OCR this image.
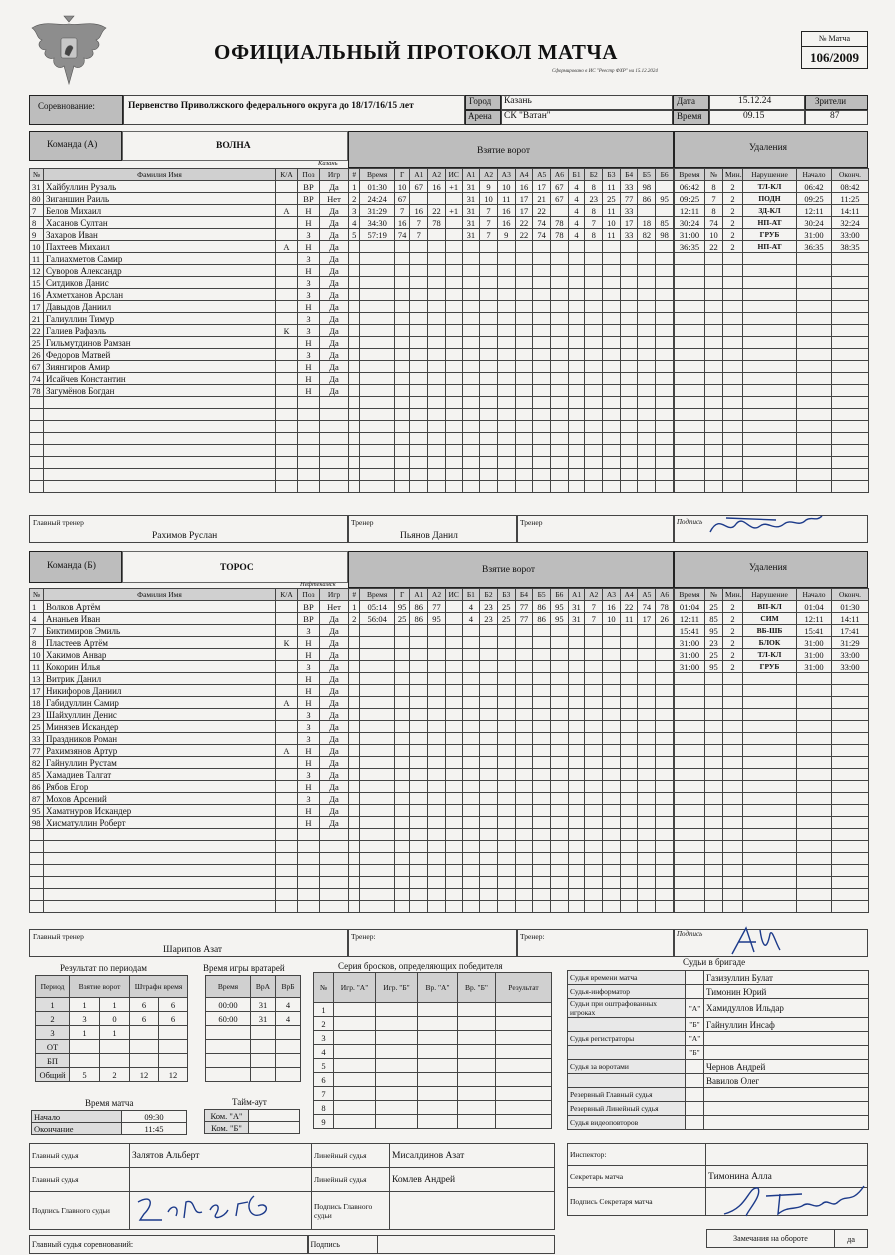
ОФИЦИАЛЬНЫЙ ПРОТОКОЛ МАТЧА
Сформировано в ИС "Реестр ФХР" на 15.12.2024
№ Матча
106/2009
Соревнование:	Первенство Приволжского федерального округа до 18/17/16/15 лет	Город Казань
Арена СК "Ватан"
Дата	15.12.24
Время	09.15
Зрители
87
Команда (А)	ВОЛНА
Казань
Взятие ворот	Удаления
№	Фамилия Имя	К/А	Поз	Игр
31	Хайбуллин Рузаль		ВР	Да
80	Зиганшин Раиль		ВР	Нет
7	Белов Михаил	А	Н	Да
8	Хасанов Султан		Н	Да
9	Захаров Иван		З	Да
10	Пахтеев Михаил	А	Н	Да
11	Галиахметов Самир		З	Да
12	Суворов Александр		Н	Да
15	Ситдиков Данис		З	Да
16	Ахметханов Арслан		З	Да
17	Давыдов Даниил		Н	Да
21	Галиуллин Тимур		З	Да
22	Галиев Рафаэль	К	З	Да
25	Гильмутдинов Рамзан		Н	Да
26	Федоров Матвей		З	Да
67	Зиянгиров Амир		Н	Да
74	Исайчев Константин		Н	Да
78	Загумёнов Богдан		Н	Да

#	Время	Г	А1	А2	ИС	А1	А2	А3	А4	А5	А6	Б1	Б2	Б3	Б4	Б5	Б6
1	01:30	10	67	16	+1	31	9	10	16	17	67	4	8	11	33	98	
2	24:24	67				31	10	11	17	21	67	4	23	25	77	86	95
3	31:29	7	16	22	+1	31	7	16	17	22		4	8	11	33		
4	34:30	16	7	78		31	7	16	22	74	78	4	7	10	17	18	85
5	57:19	74	7			31	7	9	22	74	78	4	8	11	33	82	98

Время	№	Мин.	Нарушение	Начало	Оконч.
06:42	8	2	ТЛ-КЛ	06:42	08:42
09:25	7	2	ПОДН	09:25	11:25
12:11	8	2	ЗД-КЛ	12:11	14:11
30:24	74	2	НП-АТ	30:24	32:24
31:00	10	2	ГРУБ	31:00	33:00
36:35	22	2	НП-АТ	36:35	38:35

Главный тренер
Рахимов Руслан
Тренер
Пьянов Данил
Тренер	Подпись
Команда (Б)	ТОРОС
Нефтекамск
Взятие ворот	Удаления
№	Фамилия Имя	К/А	Поз	Игр
1	Волков Артём		ВР	Нет
4	Ананьев Иван		ВР	Да
7	Биктимиров Эмиль		З	Да
8	Пластеев Артём	К	Н	Да
10	Хакимов Анвар		Н	Да
11	Кокорин Илья		З	Да
13	Витрик Данил		Н	Да
17	Никифоров Даниил		Н	Да
18	Габидуллин Самир	А	Н	Да
23	Шайхуллин Денис		З	Да
25	Минязев Искандер		З	Да
33	Праздников Роман		З	Да
77	Рахимзянов Артур	А	Н	Да
82	Гайнуллин Рустам		Н	Да
85	Хамадиев Талгат		З	Да
86	Рябов Егор		Н	Да
87	Мохов Арсений		З	Да
95	Хаматнуров Искандер		Н	Да
98	Хисматуллин Роберт		Н	Да

#	Время	Г	А1	А2	ИС	Б1	Б2	Б3	Б4	Б5	Б6	А1	А2	А3	А4	А5	А6
1	05:14	95	86	77		4	23	25	77	86	95	31	7	16	22	74	78
2	56:04	25	86	95		4	23	25	77	86	95	31	7	10	11	17	26

Время	№	Мин.	Нарушение	Начало	Оконч.
01:04	25	2	ВП-КЛ	01:04	01:30
12:11	85	2	СИМ	12:11	14:11
15:41	95	2	ВБ-ШБ	15:41	17:41
31:00	23	2	БЛОК	31:00	31:29
31:00	25	2	ТЛ-КЛ	31:00	33:00
31:00	95	2	ГРУБ	31:00	33:00

Главный тренер
Шарипов Азат
Тренер:	Тренер:	Подпись
Результат по периодам
Период	Взятие ворот		Штрафн время	
1	1	1	6	6
2	3	0	6	6
3	1	1		
ОТ				
БП				
Общий	5	2	12	12
Время матча
Начало	09:30
Окончание	11:45
Время игры вратарей
Время	ВрА	ВрБ
00:00	31	4
60:00	31	4

Тайм-аут
Ком. "А"	
Ком. "Б"	
Серия бросков, определяющих победителя
№	Игр. "А"	Игр. "Б"	Вр. "А"	Вр. "Б"	Результат
1					
2					
3					
4					
5					
6					
7					
8					
9					
Судьи в бригаде
Судья времени матча		Газизуллин Булат
Судья-информатор		Тимонин Юрий
Судьи при оштрафованных игроках	"А"	Хамидуллов Ильдар
	"Б"	Гайнуллин Инсаф
Судья регистраторы	"А"	
	"Б"	
Судья за воротами		Чернов Андрей
		Вавилов Олег
Резервный Главный судья		
Резервный Линейный судья		
Судья видеоповторов		
Главный судья	Залятов Альберт	Линейный судья	Мисалдинов Азат
Главный судья		Линейный судья	Комлев Андрей
Подпись Главного судьи		Подпись Главного судьи	
Инспектор:	
Секретарь матча	Тимонина Алла
Подпись Секретаря матча	
Главный судья соревнований:	Подпись	
Замечания на обороте	да
